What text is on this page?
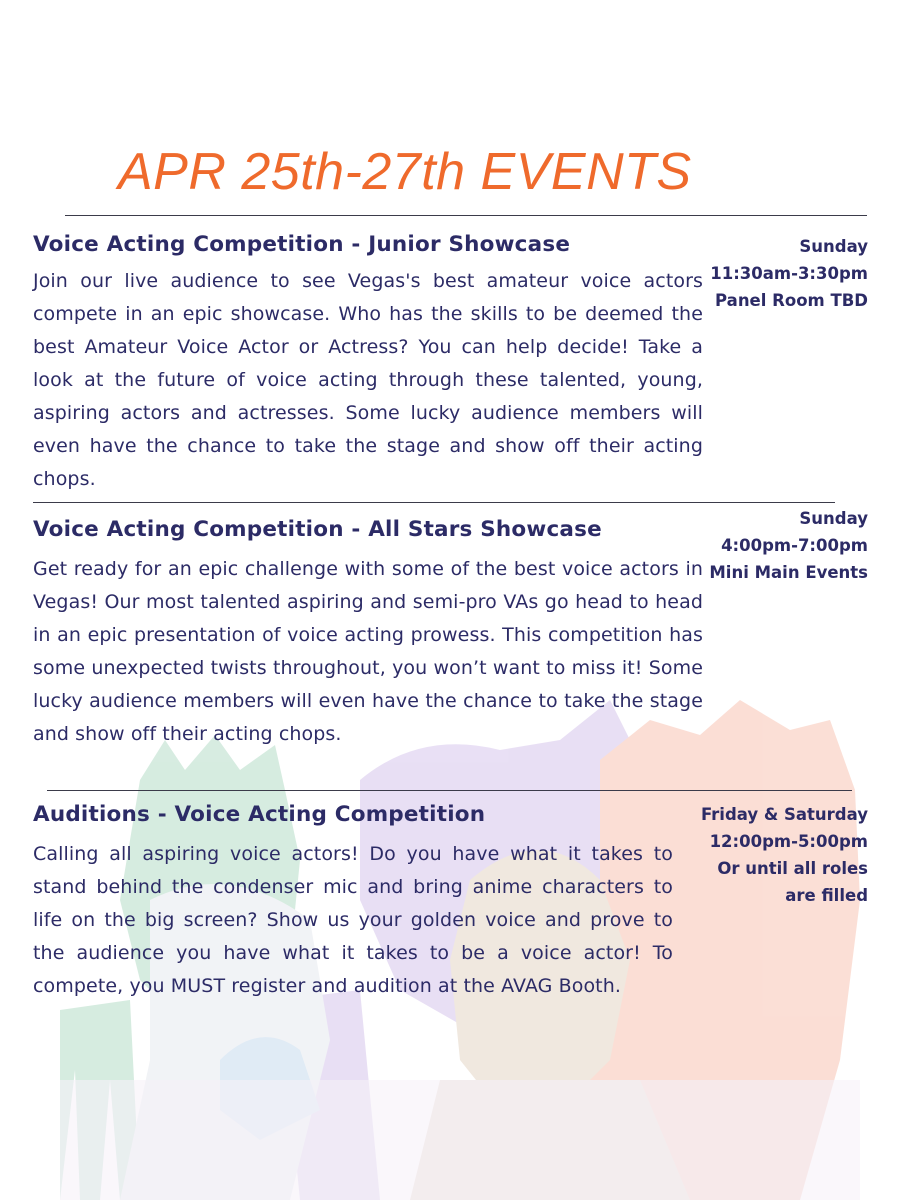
APR 25th-27th EVENTS
Voice Acting Competition - Junior Showcase

Join our live audience to see Vegas's best amateur voice actors compete in an epic showcase. Who has the skills to be deemed the best Amateur Voice Actor or Actress? You can help decide! Take a look at the future of voice acting through these talented, young, aspiring actors and actresses. Some lucky audience members will even have the chance to take the stage and show off their acting chops.

Sunday
11:30am-3:30pm
Panel Room TBD
Voice Acting Competition - All Stars Showcase

Get ready for an epic challenge with some of the best voice actors in Vegas! Our most talented aspiring and semi-pro VAs go head to head in an epic presentation of voice acting prowess. This competition has some unexpected twists throughout, you won’t want to miss it! Some lucky audience members will even have the chance to take the stage and show off their acting chops.

Sunday
4:00pm-7:00pm
Mini Main Events
Auditions - Voice Acting Competition

Calling all aspiring voice actors! Do you have what it takes to stand behind the condenser mic and bring anime characters to life on the big screen? Show us your golden voice and prove to the audience you have what it takes to be a voice actor! To compete, you MUST register and audition at the AVAG Booth.

Friday & Saturday
12:00pm-5:00pm
Or until all roles
are filled
